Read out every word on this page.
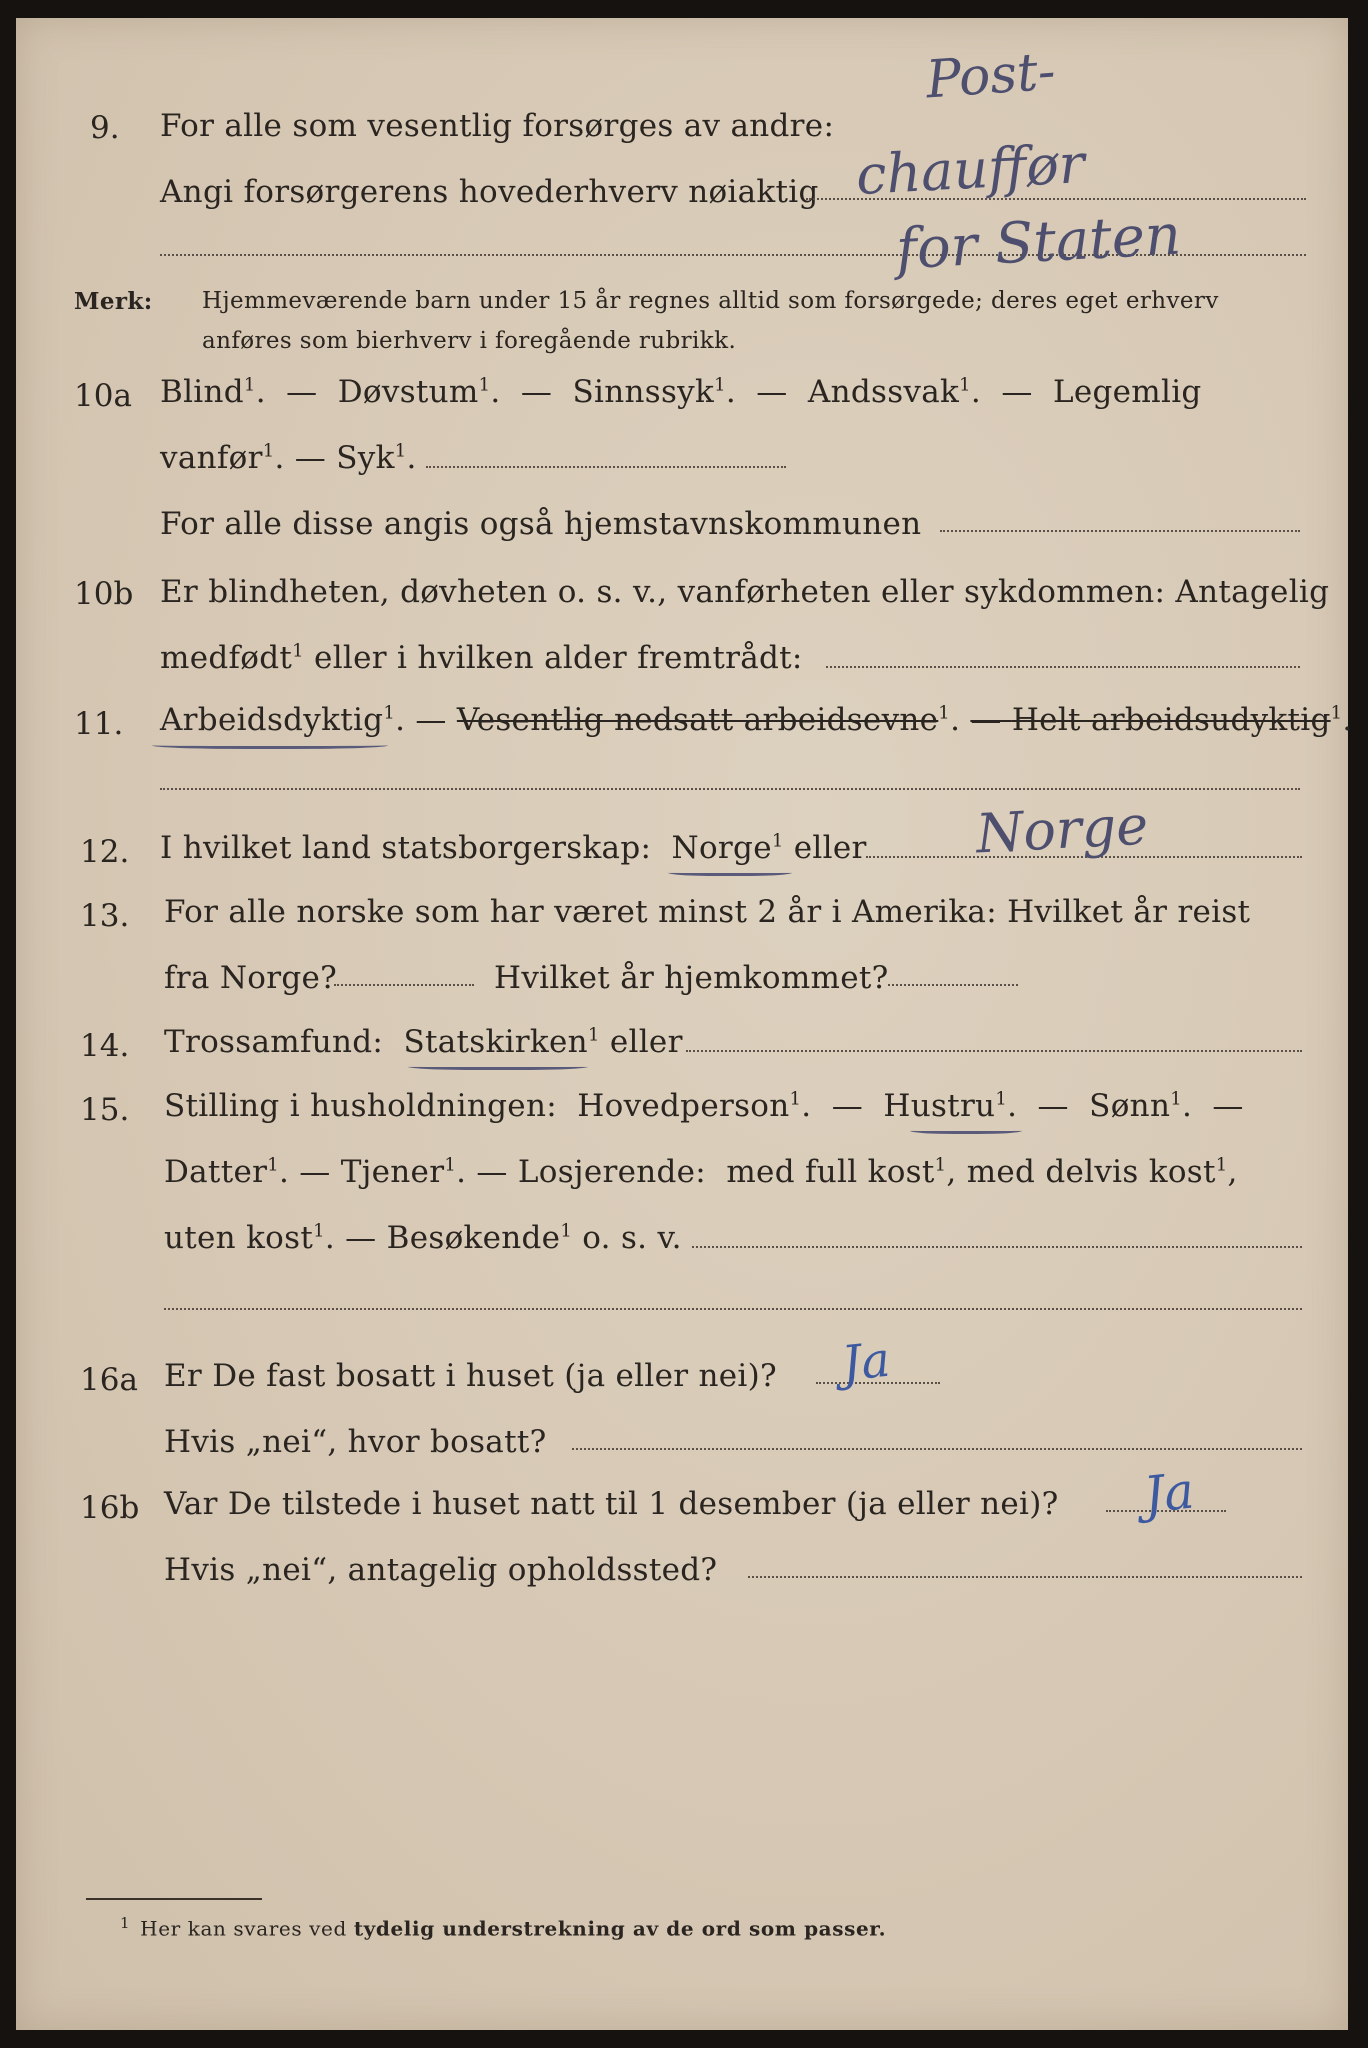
9. For alle som vesentlig forsørges av andre:
Angi forsørgerens hovederhverv nøiaktig
Post-
chauffør
for Staten
Merk: Hjemmeværende barn under 15 år regnes alltid som forsørgede; deres eget erhverv
anføres som bierhverv i foregående rubrikk.
10a Blind$^1$.  —  Døvstum$^1$.  —  Sinnssyk$^1$.  —  Andssvak$^1$.  —  Legemlig
vanfør$^1$. — Syk$^1$.
For alle disse angis også hjemstavnskommunen
10b Er blindheten, døvheten o. s. v., vanførheten eller sykdommen: Antagelig
medfødt$^1$ eller i hvilken alder fremtrådt:
11. Arbeidsdyktig$^1$. — Vesentlig nedsatt arbeidsevne$^1$. — Helt arbeidsudyktig$^1$.
12. I hvilket land statsborgerskap: Norge$^1$ eller Norge
13. For alle norske som har været minst 2 år i Amerika: Hvilket år reist
fra Norge?	Hvilket år hjemkommet?
14. Trossamfund: Statskirken$^1$ eller
15. Stilling i husholdningen: Hovedperson$^1$.  —  Hustru$^1$.  —  Sønn$^1$.  —
Datter$^1$. — Tjener$^1$. — Losjerende: med full kost$^1$, med delvis kost$^1$,
uten kost$^1$. — Besøkende$^1$ o. s. v.
16a Er De fast bosatt i huset (ja eller nei)? Ja
Hvis „nei“, hvor bosatt?
16b Var De tilstede i huset natt til 1 desember (ja eller nei)? Ja
Hvis „nei“, antagelig opholdssted?
$^1$ Her kan svares ved tydelig understrekning av de ord som passer.
